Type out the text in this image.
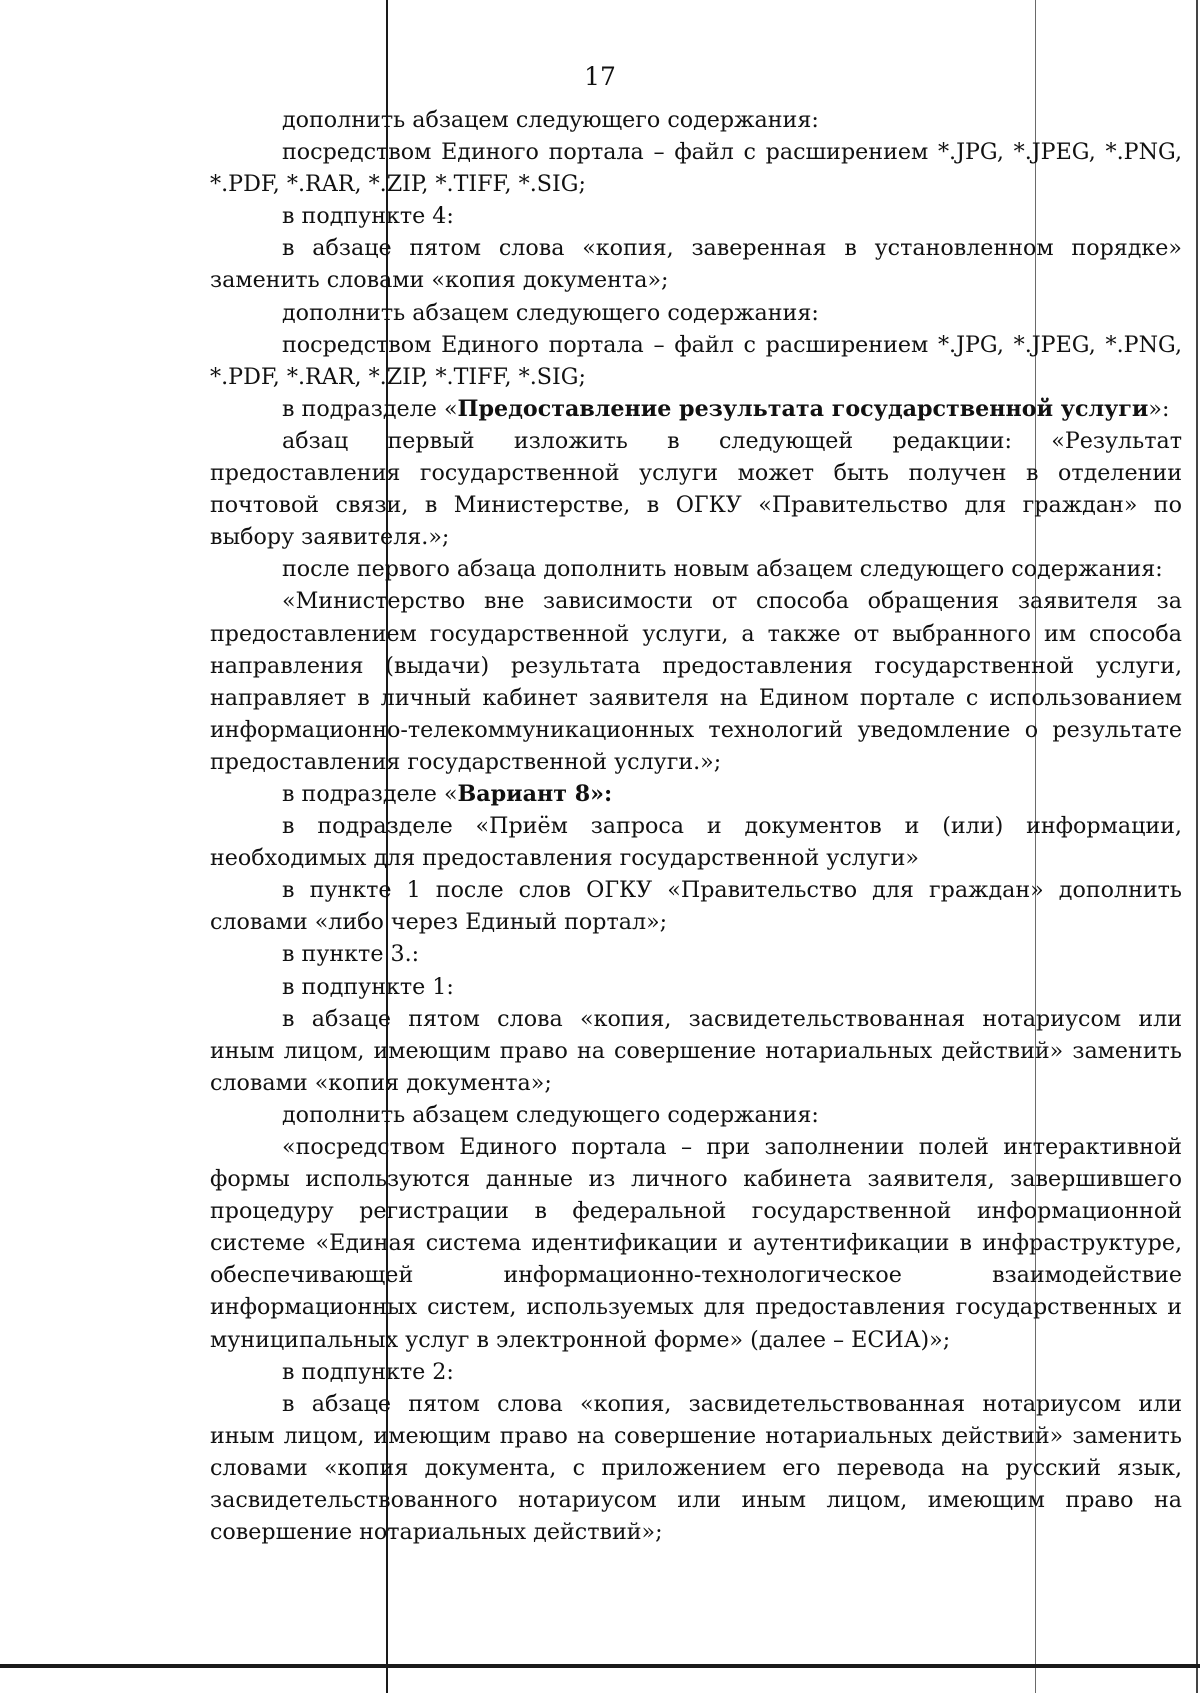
17

дополнить абзацем следующего содержания:

посредством Единого портала – файл с расширением *.JPG, *.JPEG, *.PNG, *.PDF, *.RAR, *.ZIP, *.TIFF, *.SIG;

в подпункте 4:

в абзаце пятом слова «копия, заверенная в установленном порядке» заменить словами «копия документа»;

дополнить абзацем следующего содержания:

посредством Единого портала – файл с расширением *.JPG, *.JPEG, *.PNG, *.PDF, *.RAR, *.ZIP, *.TIFF, *.SIG;

в подразделе «Предоставление результата государственной услуги»:

абзац первый изложить в следующей редакции: «Результат предоставления государственной услуги может быть получен в отделении почтовой связи, в Министерстве, в ОГКУ «Правительство для граждан» по выбору заявителя.»;

после первого абзаца дополнить новым абзацем следующего содержания:

«Министерство вне зависимости от способа обращения заявителя за предоставлением государственной услуги, а также от выбранного им способа направления (выдачи) результата предоставления государственной услуги, направляет в личный кабинет заявителя на Едином портале с использованием информационно-телекоммуникационных технологий уведомление о результате предоставления государственной услуги.»;

в подразделе «Вариант 8»:

в подразделе «Приём запроса и документов и (или) информации, необходимых для предоставления государственной услуги»

в пункте 1 после слов ОГКУ «Правительство для граждан» дополнить словами «либо через Единый портал»;

в пункте 3.:

в подпункте 1:

в абзаце пятом слова «копия, засвидетельствованная нотариусом или иным лицом, имеющим право на совершение нотариальных действий» заменить словами «копия документа»;

дополнить абзацем следующего содержания:

«посредством Единого портала – при заполнении полей интерактивной формы используются данные из личного кабинета заявителя, завершившего процедуру регистрации в федеральной государственной информационной системе «Единая система идентификации и аутентификации в инфраструктуре, обеспечивающей информационно-технологическое взаимодействие информационных систем, используемых для предоставления государственных и муниципальных услуг в электронной форме» (далее – ЕСИА)»;

в подпункте 2:

в абзаце пятом слова «копия, засвидетельствованная нотариусом или иным лицом, имеющим право на совершение нотариальных действий» заменить словами «копия документа, с приложением его перевода на русский язык, засвидетельствованного нотариусом или иным лицом, имеющим право на совершение нотариальных действий»;
